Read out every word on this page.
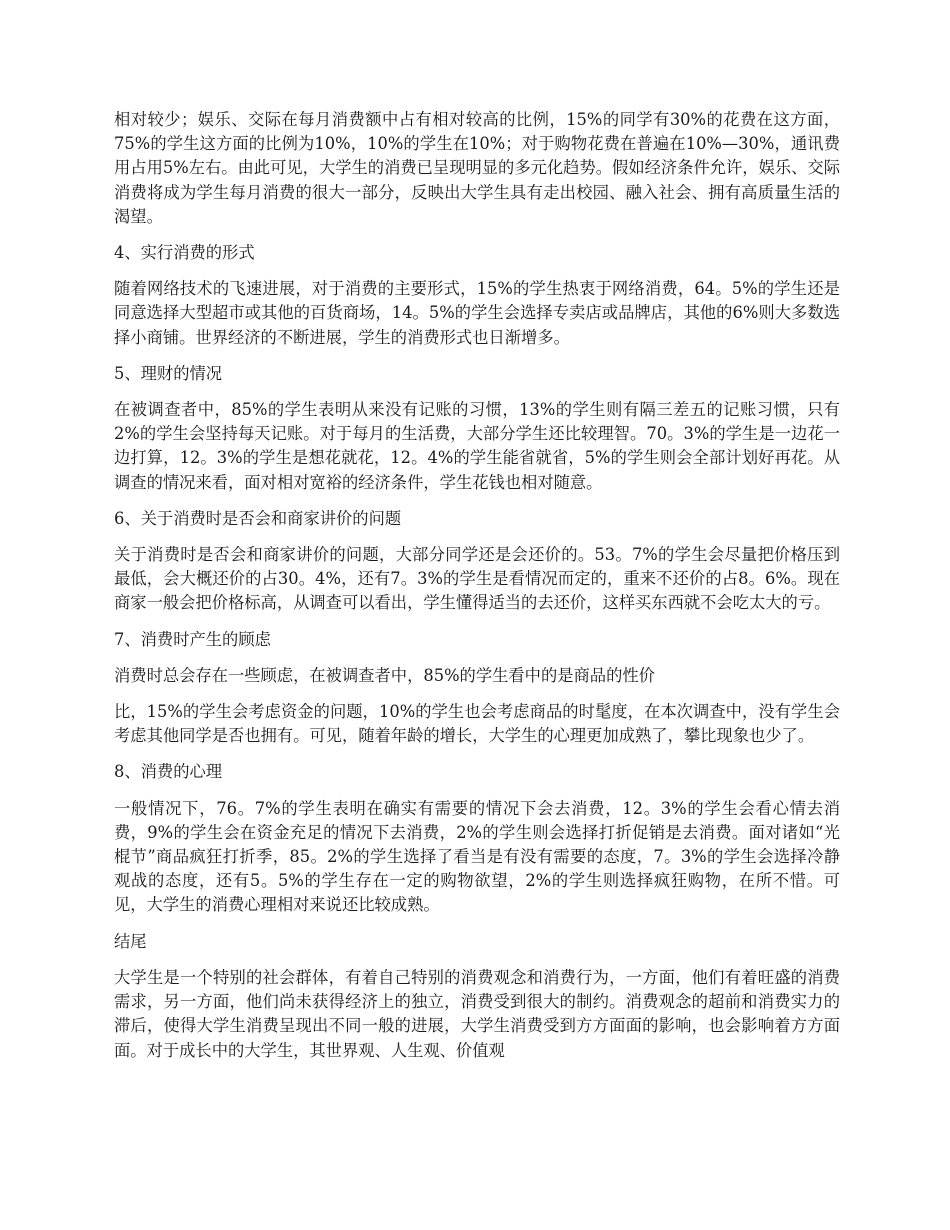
相对较少；娱乐、交际在每月消费额中占有相对较高的比例，15%的同学有30%的花费在这方面，75%的学生这方面的比例为10%，10%的学生在10%；对于购物花费在普遍在10%—30%，通讯费用占用5%左右。由此可见，大学生的消费已呈现明显的多元化趋势。假如经济条件允许，娱乐、交际消费将成为学生每月消费的很大一部分，反映出大学生具有走出校园、融入社会、拥有高质量生活的渴望。

4、实行消费的形式

随着网络技术的飞速进展，对于消费的主要形式，15%的学生热衷于网络消费，64。5%的学生还是同意选择大型超市或其他的百货商场，14。5%的学生会选择专卖店或品牌店，其他的6%则大多数选择小商铺。世界经济的不断进展，学生的消费形式也日渐增多。

5、理财的情况

在被调查者中，85%的学生表明从来没有记账的习惯，13%的学生则有隔三差五的记账习惯，只有2%的学生会坚持每天记账。对于每月的生活费，大部分学生还比较理智。70。3%的学生是一边花一边打算，12。3%的学生是想花就花，12。4%的学生能省就省，5%的学生则会全部计划好再花。从调查的情况来看，面对相对宽裕的经济条件，学生花钱也相对随意。

6、关于消费时是否会和商家讲价的问题

关于消费时是否会和商家讲价的问题，大部分同学还是会还价的。53。7%的学生会尽量把价格压到最低，会大概还价的占30。4%，还有7。3%的学生是看情况而定的，重来不还价的占8。6%。现在商家一般会把价格标高，从调查可以看出，学生懂得适当的去还价，这样买东西就不会吃太大的亏。

7、消费时产生的顾虑

消费时总会存在一些顾虑，在被调查者中，85%的学生看中的是商品的性价

比，15%的学生会考虑资金的问题，10%的学生也会考虑商品的时髦度，在本次调查中，没有学生会考虑其他同学是否也拥有。可见，随着年龄的增长，大学生的心理更加成熟了，攀比现象也少了。

8、消费的心理

一般情况下，76。7%的学生表明在确实有需要的情况下会去消费，12。3%的学生会看心情去消费，9%的学生会在资金充足的情况下去消费，2%的学生则会选择打折促销是去消费。面对诸如“光棍节”商品疯狂打折季，85。2%的学生选择了看当是有没有需要的态度，7。3%的学生会选择冷静观战的态度，还有5。5%的学生存在一定的购物欲望，2%的学生则选择疯狂购物，在所不惜。可见，大学生的消费心理相对来说还比较成熟。

结尾

大学生是一个特别的社会群体，有着自己特别的消费观念和消费行为，一方面，他们有着旺盛的消费需求，另一方面，他们尚未获得经济上的独立，消费受到很大的制约。消费观念的超前和消费实力的滞后，使得大学生消费呈现出不同一般的进展，大学生消费受到方方面面的影响，也会影响着方方面面。对于成长中的大学生，其世界观、人生观、价值观
